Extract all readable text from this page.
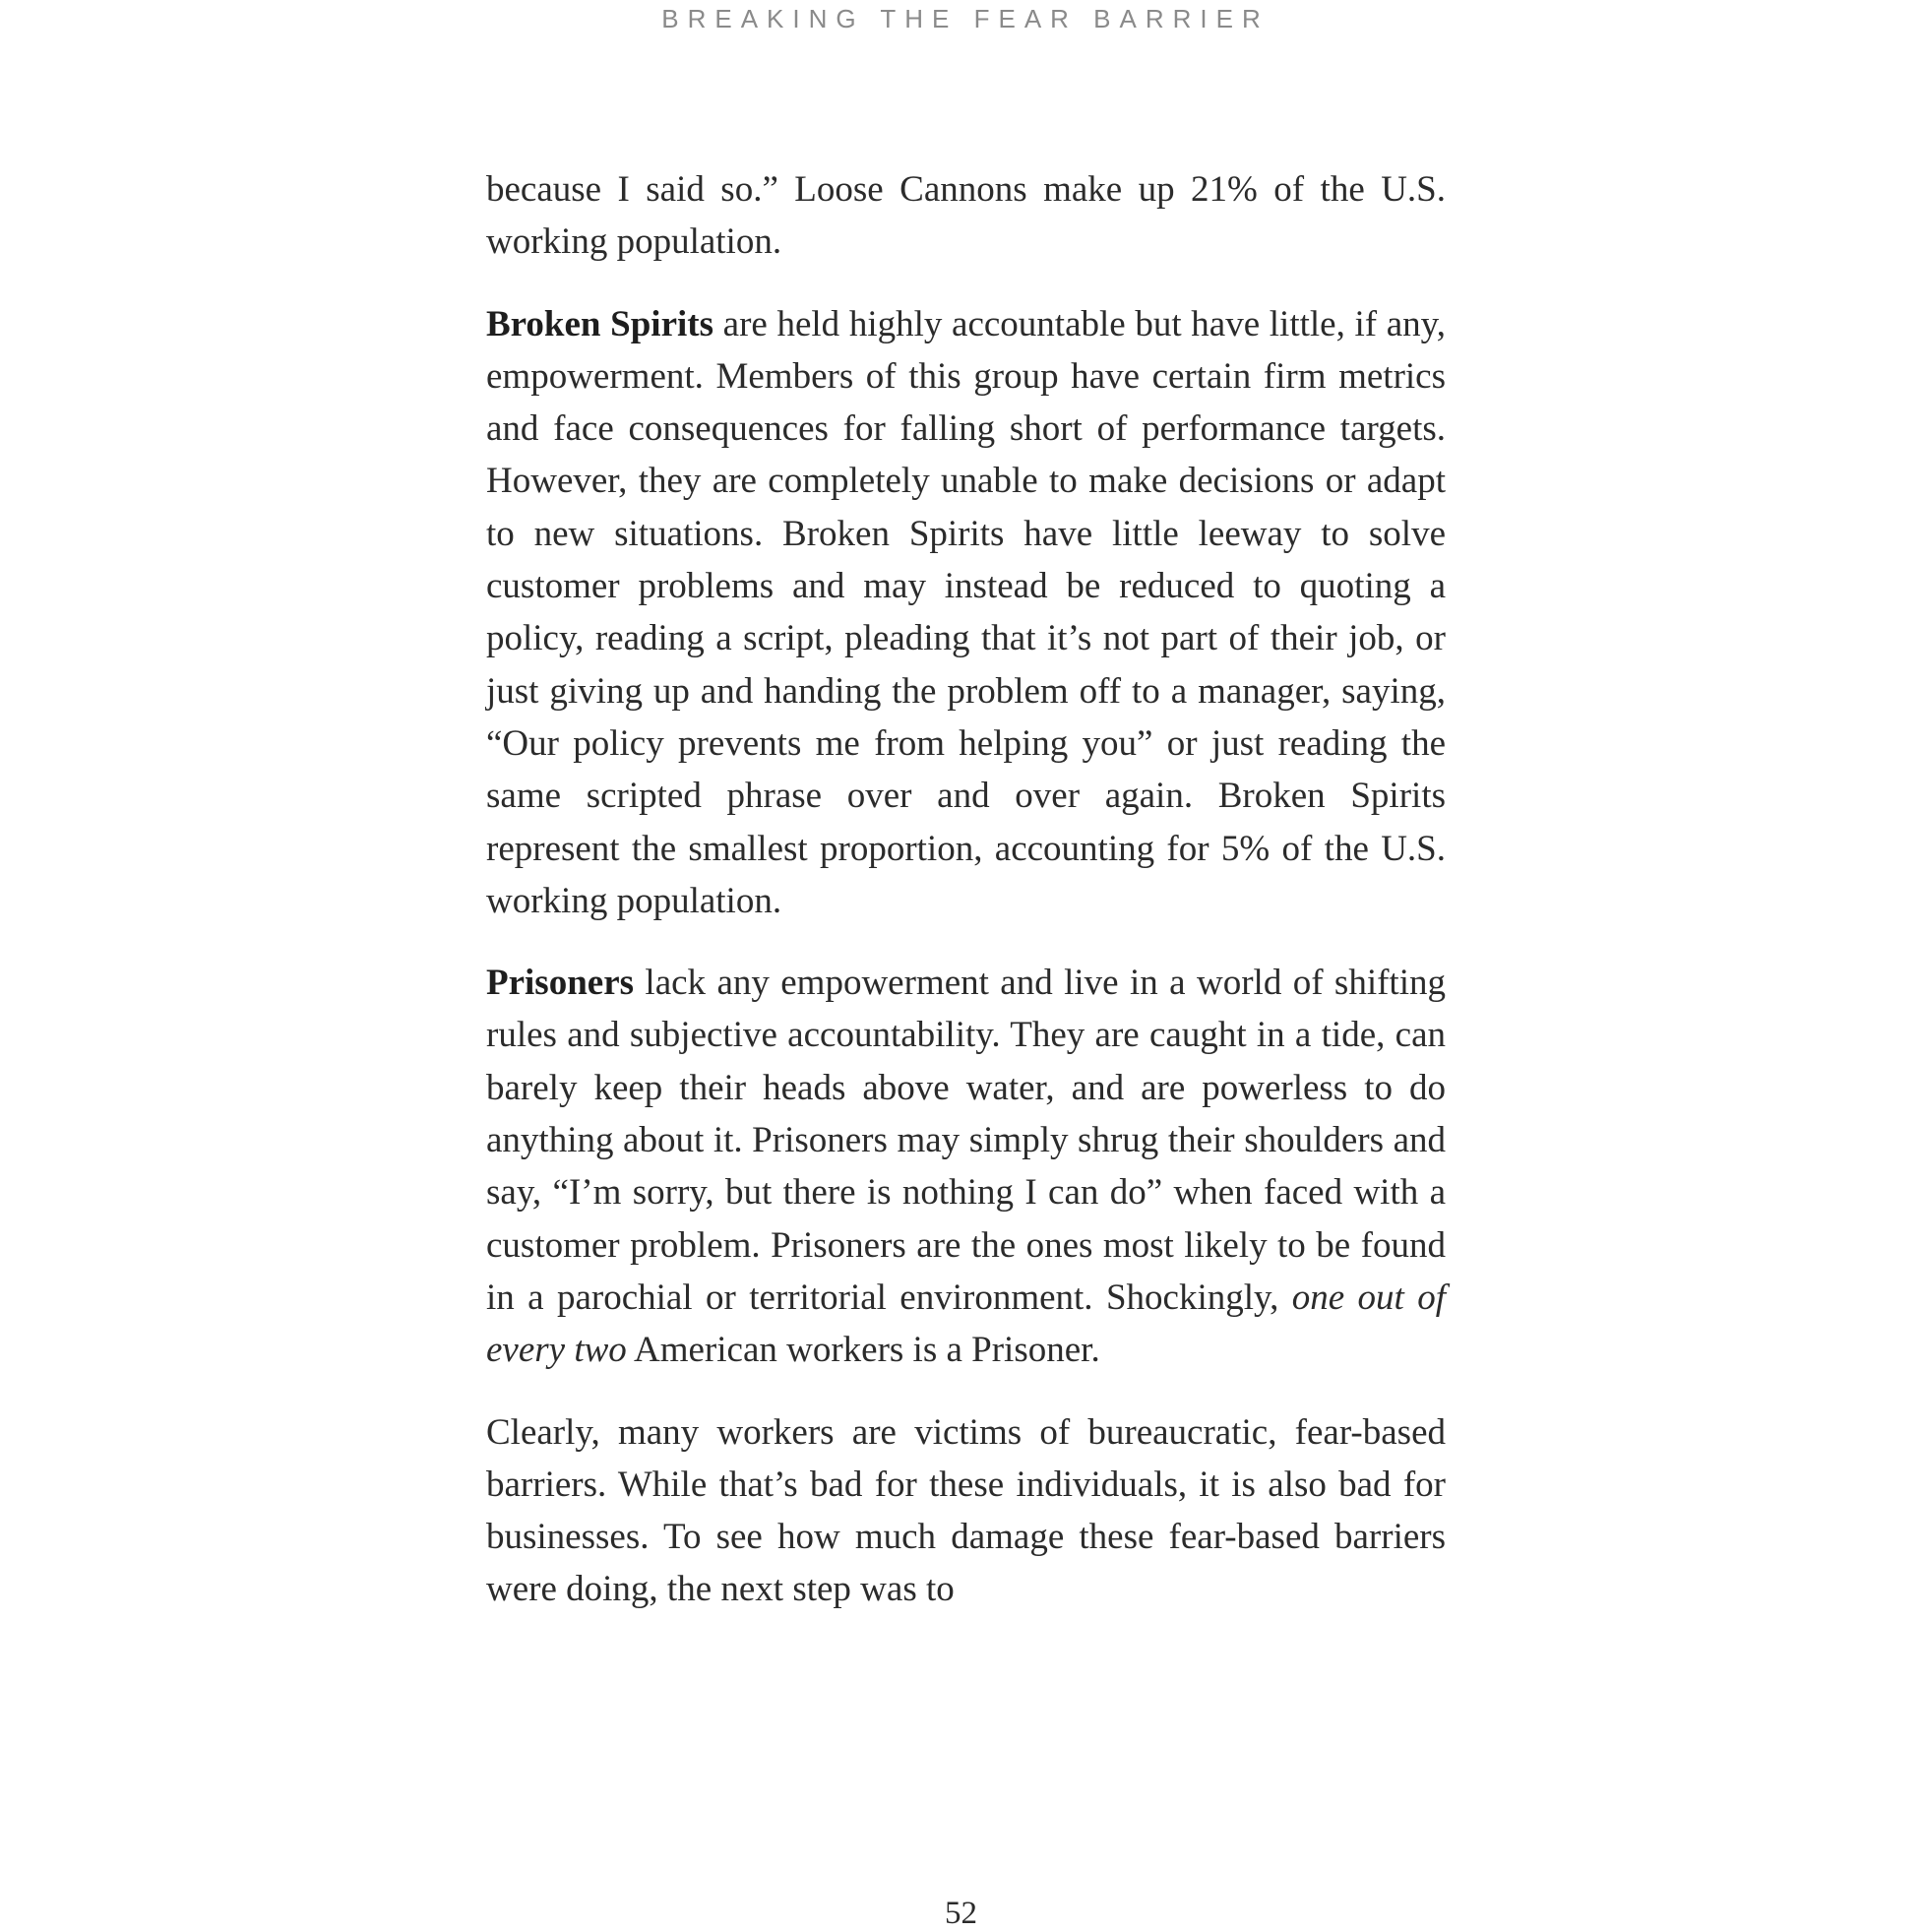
BREAKING THE FEAR BARRIER

because I said so.” Loose Cannons make up 21% of the U.S. working population.

Broken Spirits are held highly accountable but have little, if any, empowerment. Members of this group have certain firm metrics and face consequences for falling short of performance targets. However, they are completely unable to make decisions or adapt to new situations. Broken Spirits have little leeway to solve customer problems and may instead be reduced to quoting a policy, reading a script, pleading that it’s not part of their job, or just giving up and handing the problem off to a manager, saying, “Our policy prevents me from helping you” or just reading the same scripted phrase over and over again. Broken Spirits represent the smallest proportion, accounting for 5% of the U.S. working population.

Prisoners lack any empowerment and live in a world of shifting rules and subjective accountability. They are caught in a tide, can barely keep their heads above water, and are powerless to do anything about it. Prisoners may simply shrug their shoulders and say, “I’m sorry, but there is nothing I can do” when faced with a customer problem. Prisoners are the ones most likely to be found in a parochial or territorial environment. Shockingly, one out of every two American workers is a Prisoner.

Clearly, many workers are victims of bureaucratic, fear-based barriers. While that’s bad for these individuals, it is also bad for businesses. To see how much damage these fear-based barriers were doing, the next step was to

52
